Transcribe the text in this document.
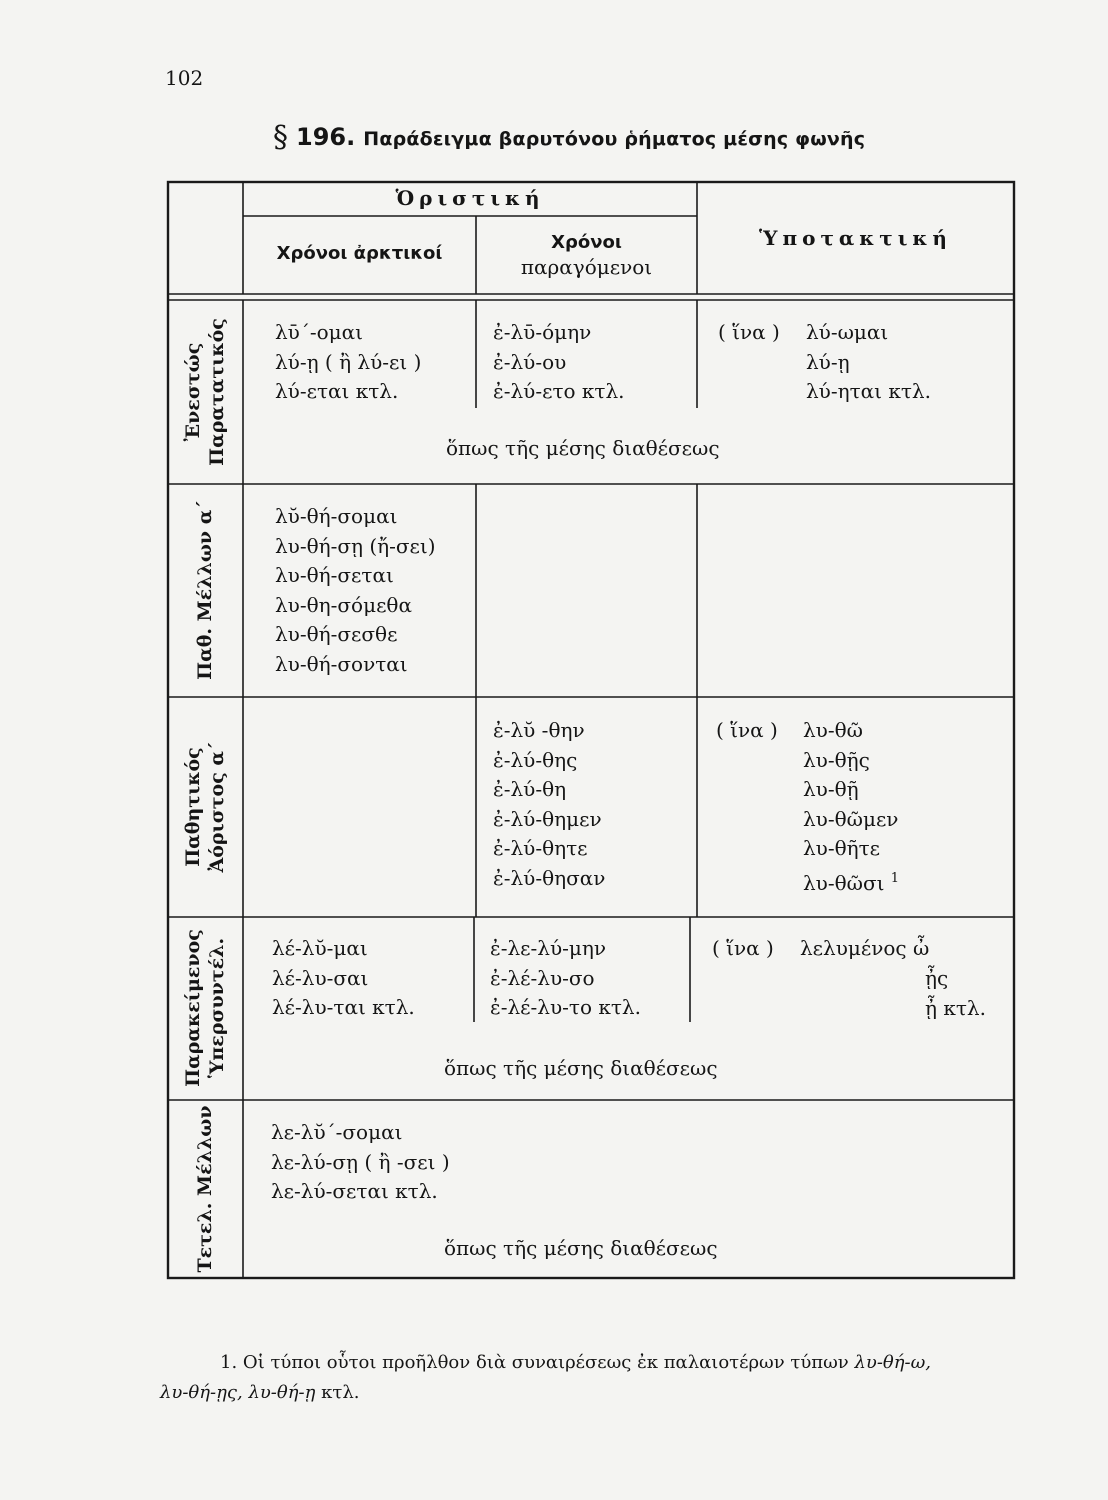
102
§ 196. Παράδειγμα βαρυτόνου ῥήματος μέσης φωνῆς
Ὁριστική
Χρόνοι ἀρκτικοί
Χρόνοι
παραγόμενοι
Ὑποτακτική
Ἐνεστώς Παρατατικός λῡ´-ομαι
λύ-ῃ ( ἢ λύ-ει )
λύ-εται κτλ.
ἐ-λῡ-όμην
ἐ-λύ-ου
ἐ-λύ-ετο κτλ.
( ἵνα ) λύ-ωμαι
λύ-ῃ
λύ-ηται κτλ.
ὅπως τῆς μέσης διαθέσεως
Παθ. Μέλλων α´	λῠ-θή-σομαι
λυ-θή-σῃ (ἤ-σει)
λυ-θή-σεται
λυ-θη-σόμεθα
λυ-θή-σεσθε
λυ-θή-σονται
Παθητικός Ἀόριστος α´
ἐ-λῠ -θην
ἐ-λύ-θης
ἐ-λύ-θη
ἐ-λύ-θημεν
ἐ-λύ-θητε
ἐ-λύ-θησαν
( ἵνα ) λυ-θῶ
λυ-θῇς
λυ-θῇ
λυ-θῶμεν
λυ-θῆτε
λυ-θῶσι $^1$
Παρακείμενος Ὑπερσυντέλ. λέ-λῠ-μαι
λέ-λυ-σαι
λέ-λυ-ται κτλ.
ἐ-λε-λύ-μην
ἐ-λέ-λυ-σο
ἐ-λέ-λυ-το κτλ.
( ἵνα ) λελυμένος ὦ
ᾖς
ᾖ κτλ.
ὅπως τῆς μέσης διαθέσεως
Τετελ. Μέλλων	λε-λῠ´-σομαι
λε-λύ-σῃ ( ἢ -σει )
λε-λύ-σεται κτλ.
ὅπως τῆς μέσης διαθέσεως
1. Οἱ τύποι οὗτοι προῆλθον διὰ συναιρέσεως ἐκ παλαιοτέρων τύπων λυ-θή-ω,
λυ-θή-ῃς, λυ-θή-ῃ κτλ.
